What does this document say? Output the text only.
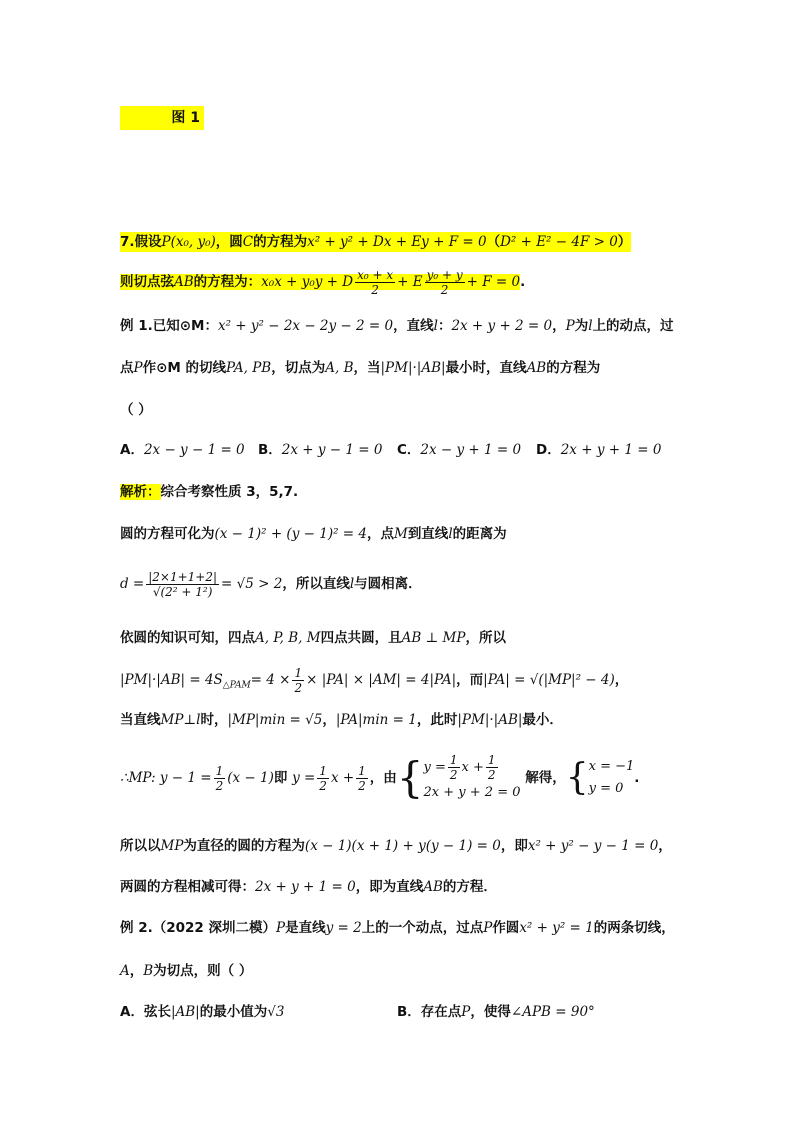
图 1
7.假设P(x₀, y₀)，圆C的方程为x² + y² + Dx + Ey + F = 0（D² + E² − 4F > 0）
则切点弦AB的方程为：x₀x + y₀y + D $\frac{\text{x₀ + x}}{2} + E \frac{\text{y₀ + y}}{2} + F = 0$.
例 1.已知⊙M：x² + y² − 2x − 2y − 2 = 0，直线l：2x + y + 2 = 0，P为l上的动点，过
点P作⊙M 的切线PA, PB，切点为A, B，当|PM|·|AB|最小时，直线AB的方程为
（ ）
A．2x − y − 1 = 0 B．2x + y − 1 = 0 C．2x − y + 1 = 0 D．2x + y + 1 = 0
解析：综合考察性质 3，5,7.
圆的方程可化为(x − 1)² + (y − 1)² = 4，点M到直线l的距离为
$d = \frac{|2\times 1+1+2|}{\text{√(2² + 1²)}} = √5 > 2$，所以直线l与圆相离．
依圆的知识可知，四点A, P, B, M四点共圆，且AB ⊥ MP，所以
$|PM|\cdot|AB| = 4S_{\triangle PAM}= 4 \times \frac{1}{2} \times |PA| \times |AM| = 4|PA|$，而|PA| = √(|MP|² − 4)，
当直线MP⊥l时，|MP|min = √5，|PA|min = 1，此时|PM|·|AB|最小．
∴MP: $y - 1 = \frac{1}{2} (x - 1)$即 $y = \frac{1}{2}$ $x + \frac{1}{2}$ ，由{ $y = \frac{1}{2}$ $x + \frac{1}{2}$
2x + y + 2 = 0
解得，{ x = −1
y = 0
.
所以以MP为直径的圆的方程为(x − 1)(x + 1) + y(y − 1) = 0，即x² + y² − y − 1 = 0，
两圆的方程相减可得：2x + y + 1 = 0，即为直线AB的方程．
例 2.（2022 深圳二模）P是直线y = 2上的一个动点，过点P作圆x² + y² = 1的两条切线，
A，B为切点，则（ ）
A．弦长|AB|的最小值为√3	B．存在点P，使得∠APB = 90°
